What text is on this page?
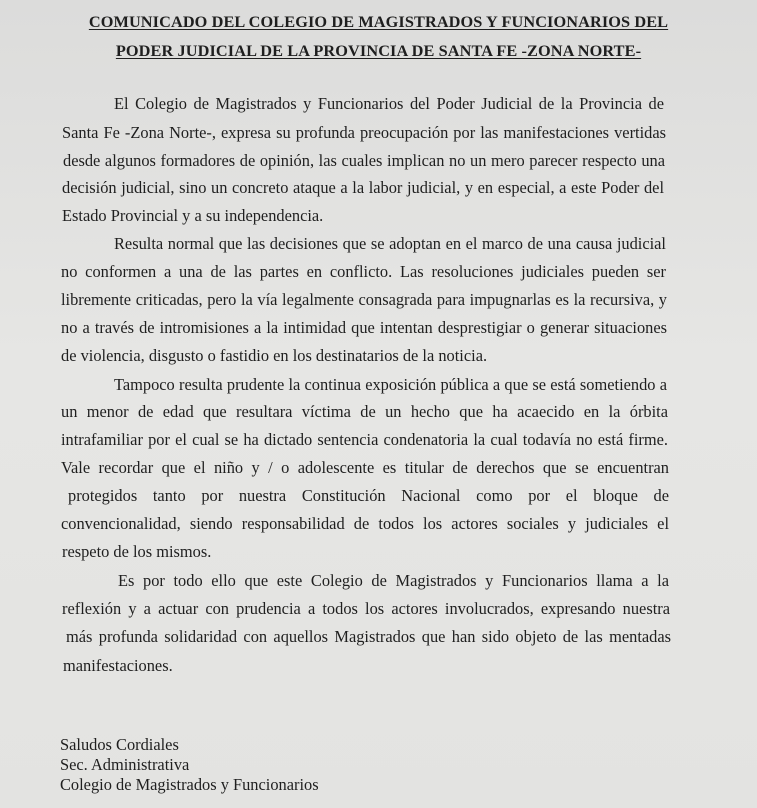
COMUNICADO DEL COLEGIO DE MAGISTRADOS Y FUNCIONARIOS DEL
PODER JUDICIAL DE LA PROVINCIA DE SANTA FE -ZONA NORTE-
El Colegio de Magistrados y Funcionarios del Poder Judicial de la Provincia de
Santa Fe -Zona Norte-, expresa su profunda preocupación por las manifestaciones vertidas
desde algunos formadores de opinión, las cuales implican no un mero parecer respecto una
decisión judicial, sino un concreto ataque a la labor judicial, y en especial, a este Poder del
Estado Provincial y a su independencia.
Resulta normal que las decisiones que se adoptan en el marco de una causa judicial
no conformen a una de las partes en conflicto. Las resoluciones judiciales pueden ser
libremente criticadas, pero la vía legalmente consagrada para impugnarlas es la recursiva, y
no a través de intromisiones a la intimidad que intentan desprestigiar o generar situaciones
de violencia, disgusto o fastidio en los destinatarios de la noticia.
Tampoco resulta prudente la continua exposición pública a que se está sometiendo a
un menor de edad que resultara víctima de un hecho que ha acaecido en la órbita
intrafamiliar por el cual se ha dictado sentencia condenatoria la cual todavía no está firme.
Vale recordar que el niño y / o adolescente es titular de derechos que se encuentran
protegidos tanto por nuestra Constitución Nacional como por el bloque de
convencionalidad, siendo responsabilidad de todos los actores sociales y judiciales el
respeto de los mismos.
Es por todo ello que este Colegio de Magistrados y Funcionarios llama a la
reflexión y a actuar con prudencia a todos los actores involucrados, expresando nuestra
más profunda solidaridad con aquellos Magistrados que han sido objeto de las mentadas
manifestaciones.
Saludos Cordiales
Sec. Administrativa
Colegio de Magistrados y Funcionarios
